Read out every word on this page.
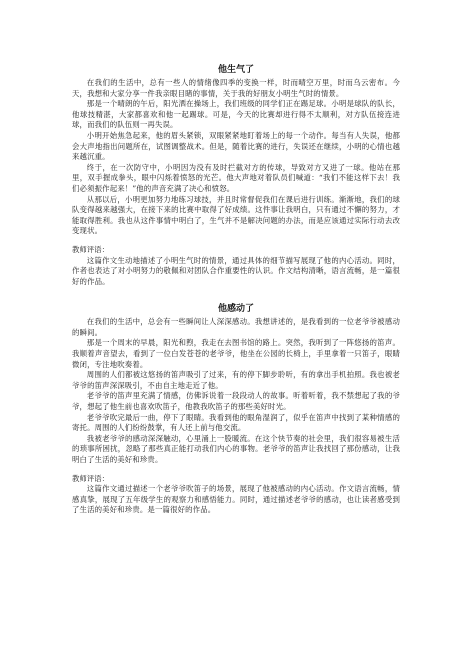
他生气了

在我们的生活中，总有一些人的情绪像四季的变换一样，时而晴空万里，时而乌云密布。今天，我想和大家分享一件我亲眼目睹的事情，关于我的好朋友小明生气时的情景。

那是一个晴朗的午后，阳光洒在操场上，我们班级的同学们正在踢足球。小明是球队的队长，他球技精湛，大家都喜欢和他一起踢球。可是，今天的比赛却进行得不太顺利，对方队伍接连进球，而我们的队伍则一再失误。

小明开始焦急起来，他的眉头紧锁，双眼紧紧地盯着场上的每一个动作。每当有人失误，他都会大声地指出问题所在，试图调整战术。但是，随着比赛的进行，失误还在继续，小明的心情也越来越沉重。

终于，在一次防守中，小明因为没有及时拦截对方的传球，导致对方又进了一球。他站在那里，双手握成拳头，眼中闪烁着愤怒的光芒。他大声地对着队员们喊道：“我们不能这样下去！我们必须振作起来！”他的声音充满了决心和愤怒。

从那以后，小明更加努力地练习球技，并且时常督促我们在课后进行训练。渐渐地，我们的球队变得越来越强大，在接下来的比赛中取得了好成绩。这件事让我明白，只有通过不懈的努力，才能取得胜利。我也从这件事情中明白了，生气并不是解决问题的办法，而是应该通过实际行动去改变现状。

教师评语：

这篇作文生动地描述了小明生气时的情景，通过具体的细节描写展现了他的内心活动。同时，作者也表达了对小明努力的敬佩和对团队合作重要性的认识。作文结构清晰，语言流畅，是一篇很好的作品。

他感动了

在我们的生活中，总会有一些瞬间让人深深感动。我想讲述的，是我看到的一位老爷爷被感动的瞬间。

那是一个周末的早晨，阳光和煦，我走在去图书馆的路上。突然，我听到了一阵悠扬的笛声。我顺着声音望去，看到了一位白发苍苍的老爷爷，他坐在公园的长椅上，手里拿着一只笛子，眼睛微闭，专注地吹奏着。

周围的人们都被这悠扬的笛声吸引了过来，有的停下脚步聆听，有的拿出手机拍照。我也被老爷爷的笛声深深吸引，不由自主地走近了他。

老爷爷的笛声里充满了情感，仿佛诉说着一段段动人的故事。听着听着，我不禁想起了我的爷爷，想起了他生前也喜欢吹笛子，他教我吹笛子的那些美好时光。

老爷爷吹完最后一曲，停下了眼睛。我看到他的眼角湿润了，似乎在笛声中找到了某种情感的寄托。周围的人们纷纷鼓掌，有人还上前与他交流。

我被老爷爷的感动深深触动，心里涌上一股暖流。在这个快节奏的社会里，我们很容易被生活的琐事所困扰，忽略了那些真正能打动我们内心的事物。老爷爷的笛声让我找回了那份感动，让我明白了生活的美好和珍贵。

教师评语：

这篇作文通过描述一个老爷爷吹笛子的场景，展现了他被感动的内心活动。作文语言流畅，情感真挚，展现了五年级学生的观察力和感悟能力。同时，通过描述老爷爷的感动，也让读者感受到了生活的美好和珍贵。是一篇很好的作品。
